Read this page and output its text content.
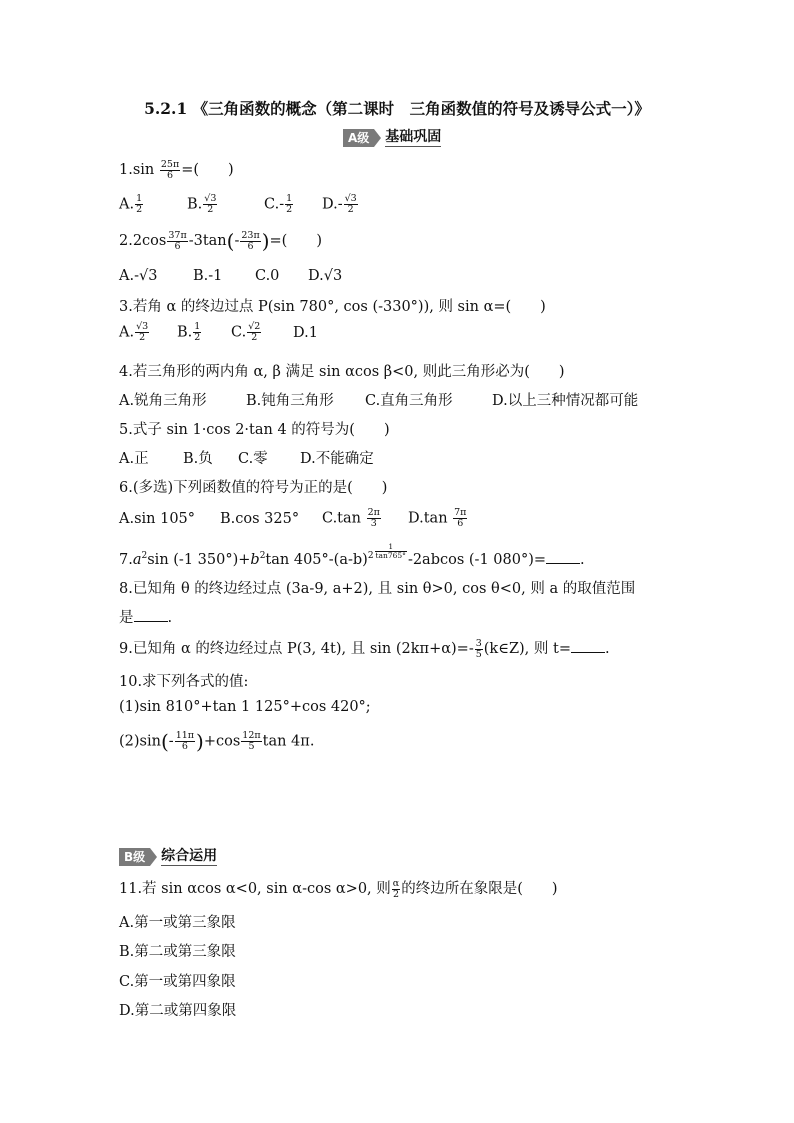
5.2.1 《三角函数的概念（第二课时　三角函数值的符号及诱导公式一）》
A级	基础巩固
$1.\sin \frac{25\pi}{6}$ =(　　)
A. $\frac{1}{2}$	B. $\frac{√3}{2}$	$C.- \frac{1}{2} D.- \frac{√3}{2}$
$2.2\cos \frac{37\pi}{6} -3\tan(- \frac{23\pi}{6}$ )=(　　)
A.-√3 B.-1 C.0 D.√3
3.若角 α 的终边过点 P(sin 780°, cos (-330°)), 则 sin α=(　　)
A. $\frac{√3}{2} B$. $\frac{1}{2} C$. $\frac{√2}{2} D.1$
4.若三角形的两内角 α, β 满足 sin αcos β<0, 则此三角形必为(　　)
A.锐角三角形	B.钝角三角形 C.直角三角形	D.以上三种情况都可能
5.式子 sin 1·cos 2·tan 4 的符号为(　　)
A.正 B.负 C.零 D.不能确定
6.(多选)下列函数值的符号为正的是(　　)
A.sin 105° B.cos 325° $C.\tan \frac{2\pi}{3} D.\tan \frac{7\pi}{6}$
$7.a^2\sin$ (-1 $350^\circ)+b^2\tan$ $405^\circ-(a-b)^2 \frac{1}{\tan 765^\circ} -2abcos$ (-1 080°)= .
8.已知角 θ 的终边经过点 (3a-9, a+2), 且 sin θ>0, cos θ<0, 则 a 的取值范围
是 .
9.已知角 α 的终边经过点 P(3, 4t), 且 $\sin (2k\pi+\alpha)=- \frac{3}{5}$ (k∈Z), 则 t= .
10.求下列各式的值:
(1)sin 810°+tan 1 125°+cos 420°;
$(2)\sin(- \frac{11\pi}{6} )+\cos \frac{12\pi}{5}$ tan 4π.
B级	综合运用
11.若 sin αcos α<0, sin α-cos α>0, 则 $\frac{\alpha}{2}$ 的终边所在象限是(　　)
A.第一或第三象限
B.第二或第三象限
C.第一或第四象限
D.第二或第四象限
